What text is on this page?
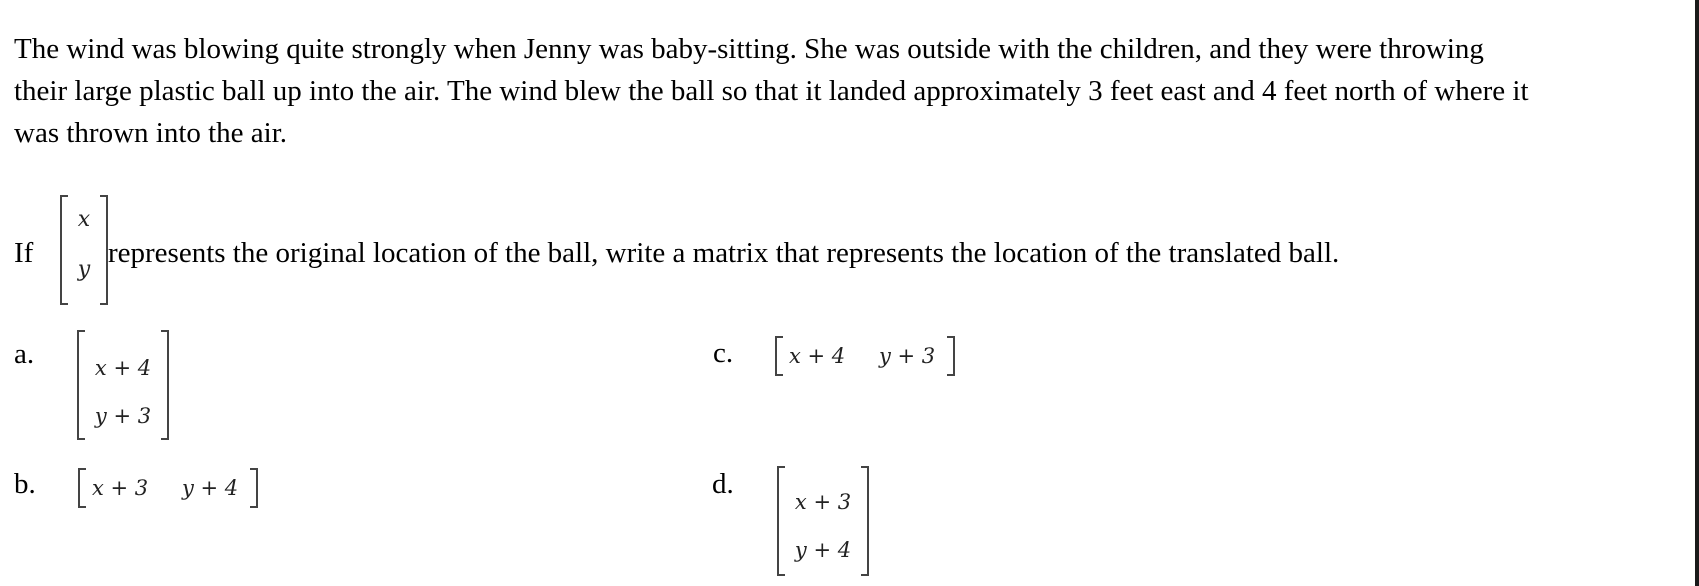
The wind was blowing quite strongly when Jenny was baby-sitting. She was outside with the children, and they were throwing
their large plastic ball up into the air. The wind blew the ball so that it landed approximately 3 feet east and 4 feet north of where it
was thrown into the air.
If
x
y
represents the original location of the ball, write a matrix that represents the location of the translated ball.
a.	x + 4
y + 3
b.	x + 3 y + 4
c.	x + 4 y + 3
d.
x + 3
y + 4
